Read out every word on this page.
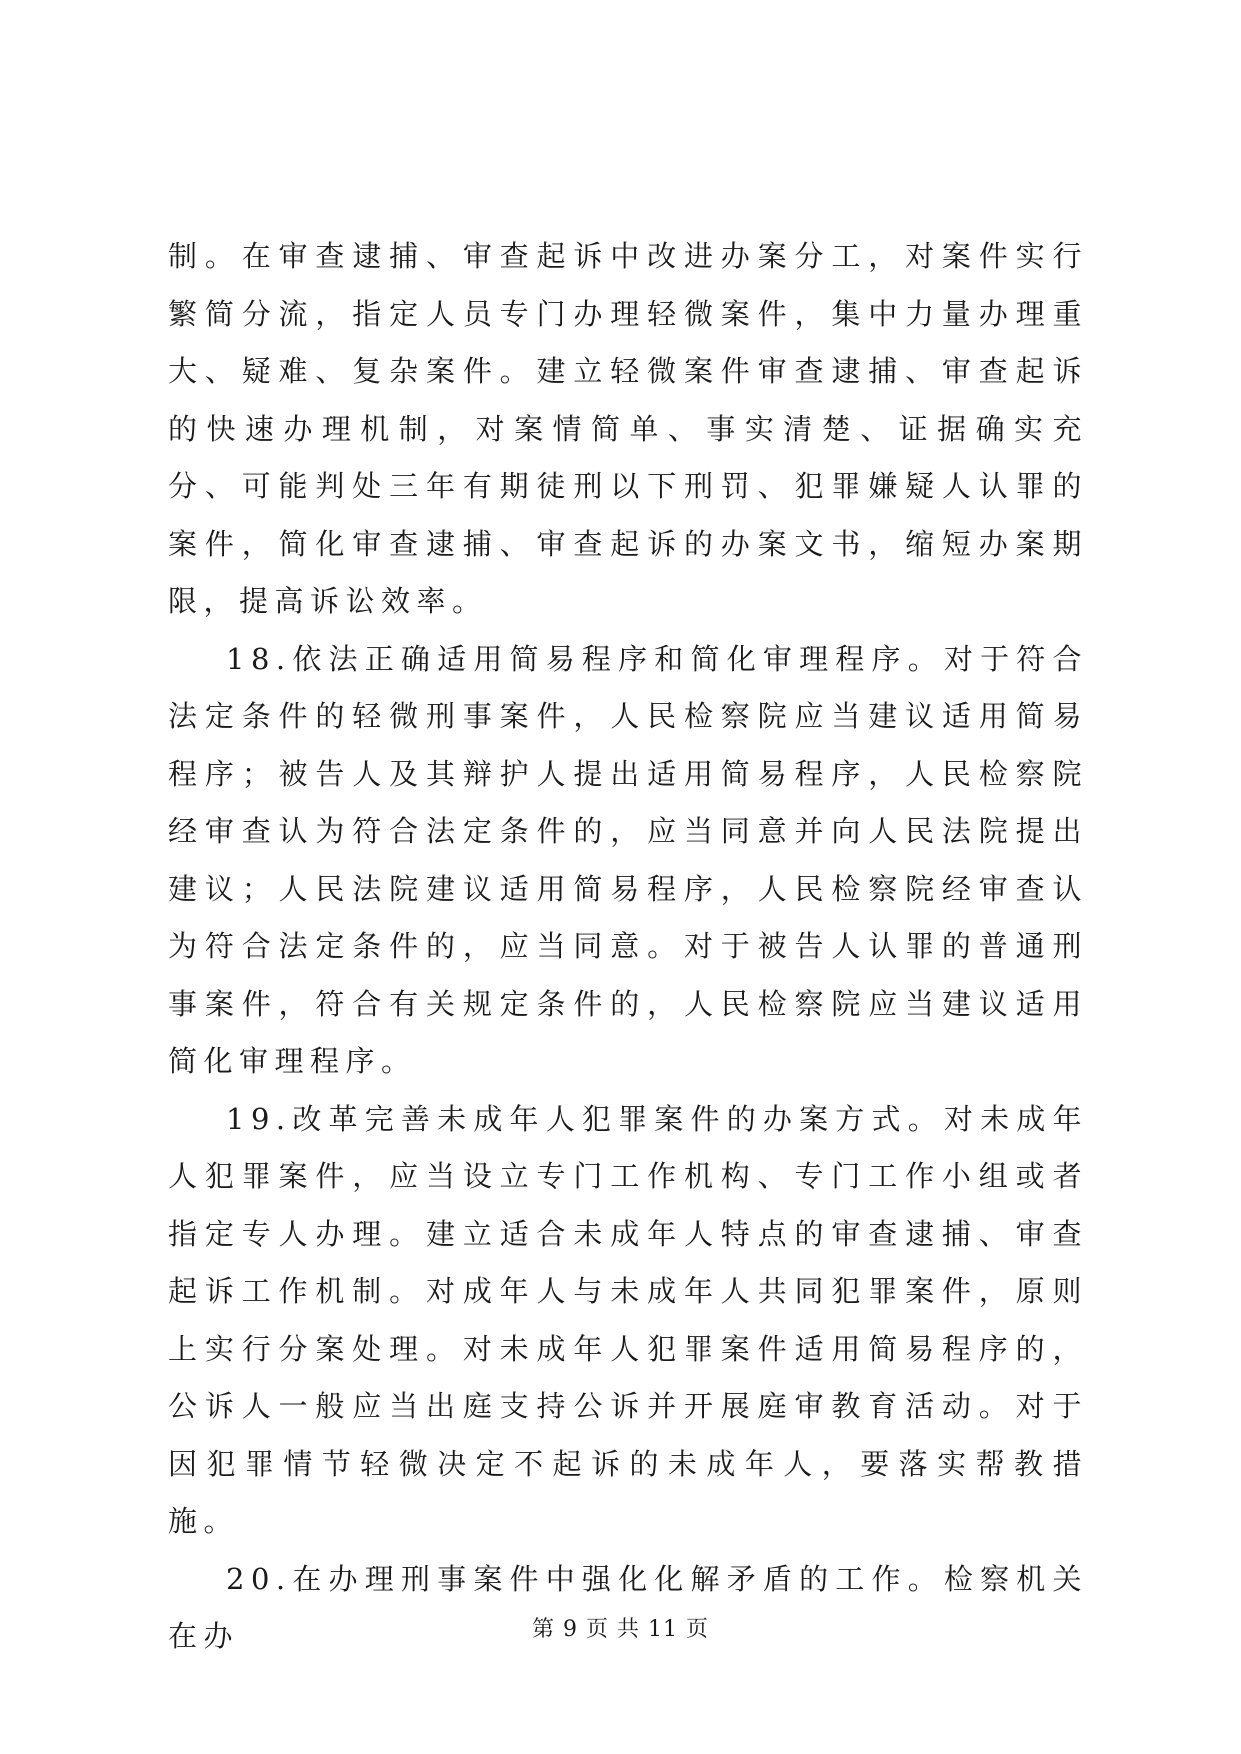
制。在审查逮捕、审查起诉中改进办案分工，对案件实行繁简分流，指定人员专门办理轻微案件，集中力量办理重大、疑难、复杂案件。建立轻微案件审查逮捕、审查起诉的快速办理机制，对案情简单、事实清楚、证据确实充分、可能判处三年有期徒刑以下刑罚、犯罪嫌疑人认罪的案件，简化审查逮捕、审查起诉的办案文书，缩短办案期限，提高诉讼效率。

18.依法正确适用简易程序和简化审理程序。对于符合法定条件的轻微刑事案件，人民检察院应当建议适用简易程序；被告人及其辩护人提出适用简易程序，人民检察院经审查认为符合法定条件的，应当同意并向人民法院提出建议；人民法院建议适用简易程序，人民检察院经审查认为符合法定条件的，应当同意。对于被告人认罪的普通刑事案件，符合有关规定条件的，人民检察院应当建议适用简化审理程序。

19.改革完善未成年人犯罪案件的办案方式。对未成年人犯罪案件，应当设立专门工作机构、专门工作小组或者指定专人办理。建立适合未成年人特点的审查逮捕、审查起诉工作机制。对成年人与未成年人共同犯罪案件，原则上实行分案处理。对未成年人犯罪案件适用简易程序的，公诉人一般应当出庭支持公诉并开展庭审教育活动。对于因犯罪情节轻微决定不起诉的未成年人，要落实帮教措施。

20.在办理刑事案件中强化化解矛盾的工作。检察机关在办	第 9 页 共 11 页
